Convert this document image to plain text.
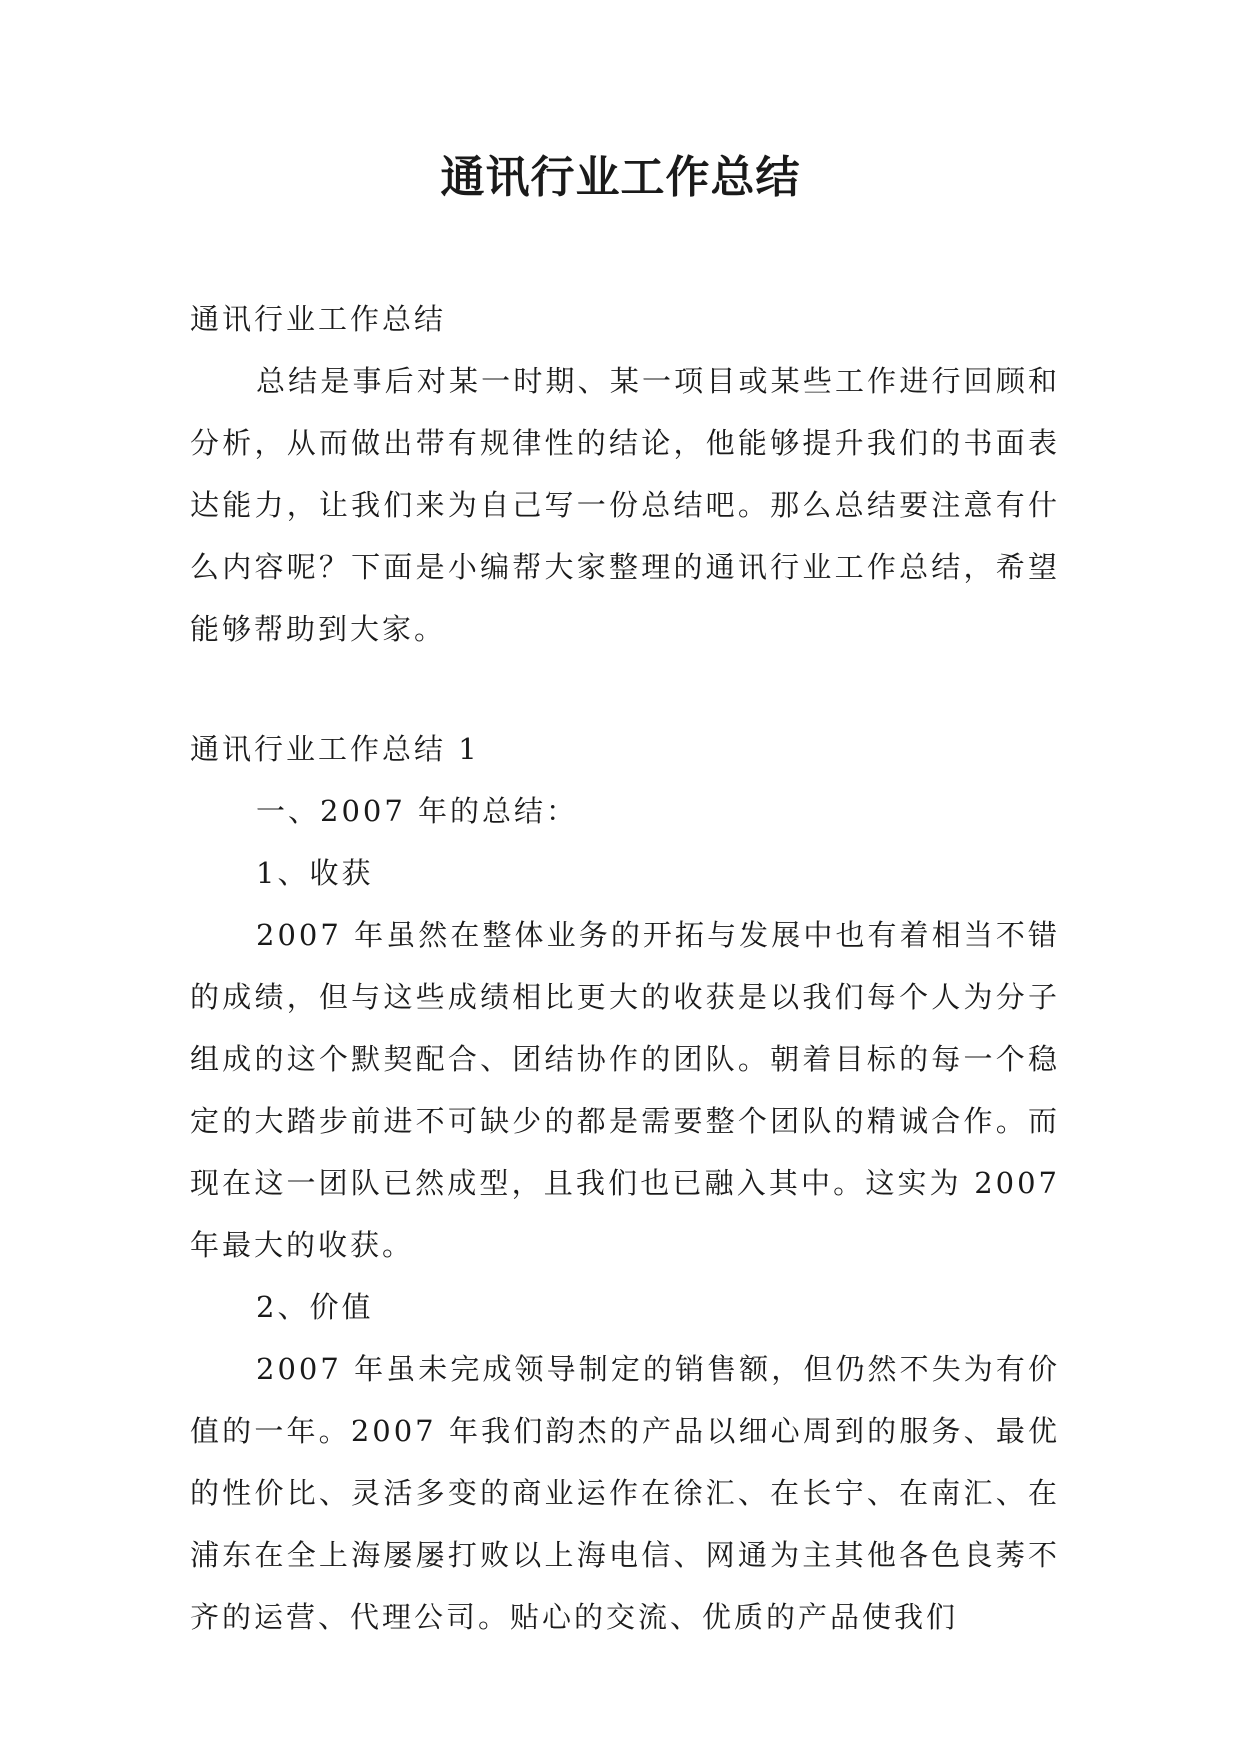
通讯行业工作总结

通讯行业工作总结

总结是事后对某一时期、某一项目或某些工作进行回顾和分析，从而做出带有规律性的结论，他能够提升我们的书面表达能力，让我们来为自己写一份总结吧。那么总结要注意有什么内容呢？下面是小编帮大家整理的通讯行业工作总结，希望能够帮助到大家。

通讯行业工作总结 1

一、2007 年的总结：

1、收获

2007 年虽然在整体业务的开拓与发展中也有着相当不错的成绩，但与这些成绩相比更大的收获是以我们每个人为分子组成的这个默契配合、团结协作的团队。朝着目标的每一个稳定的大踏步前进不可缺少的都是需要整个团队的精诚合作。而现在这一团队已然成型，且我们也已融入其中。这实为 2007 年最大的收获。

2、价值

2007 年虽未完成领导制定的销售额，但仍然不失为有价值的一年。2007 年我们韵杰的产品以细心周到的服务、最优的性价比、灵活多变的商业运作在徐汇、在长宁、在南汇、在浦东在全上海屡屡打败以上海电信、网通为主其他各色良莠不齐的运营、代理公司。贴心的交流、优质的产品使我们
